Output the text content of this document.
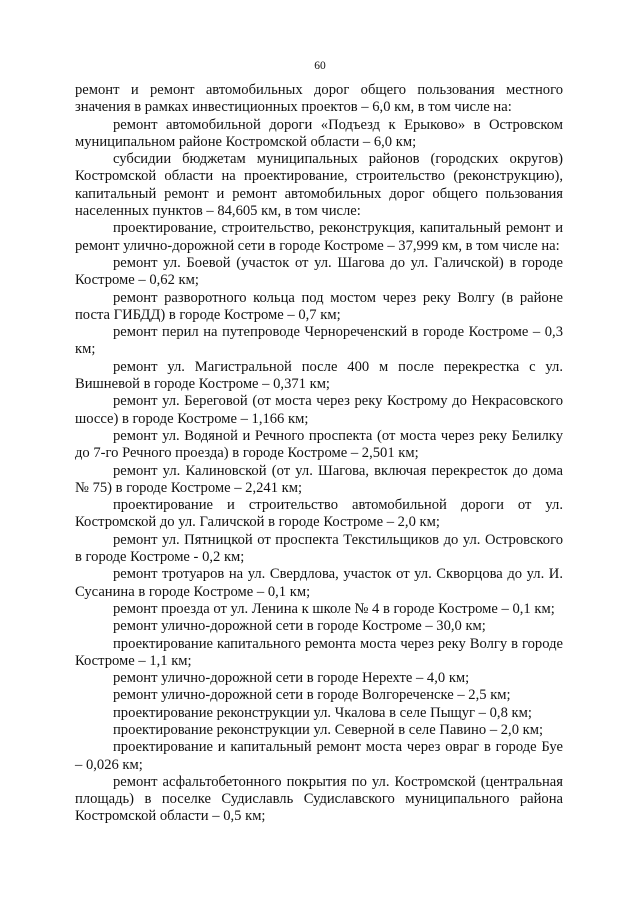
60

ремонт и ремонт автомобильных дорог общего пользования местного значения в рамках инвестиционных проектов – 6,0 км, в том числе на:

ремонт автомобильной дороги «Подъезд к Ерыково» в Островском муниципальном районе Костромской области – 6,0 км;

субсидии бюджетам муниципальных районов (городских округов) Костромской области на проектирование, строительство (реконструкцию), капитальный ремонт и ремонт автомобильных дорог общего пользования населенных пунктов – 84,605 км, в том числе:

проектирование, строительство, реконструкция, капитальный ремонт и ремонт улично-дорожной сети в городе Костроме – 37,999 км, в том числе на:

ремонт ул. Боевой (участок от ул. Шагова до ул. Галичской) в городе Костроме – 0,62 км;

ремонт разворотного кольца под мостом через реку Волгу (в районе поста ГИБДД) в городе Костроме – 0,7 км;

ремонт перил на путепроводе Чернореченский в городе Костроме – 0,3 км;

ремонт ул. Магистральной после 400 м после перекрестка с ул. Вишневой в городе Костроме – 0,371 км;

ремонт ул. Береговой (от моста через реку Кострому до Некрасовского шоссе) в городе Костроме – 1,166 км;

ремонт ул. Водяной и Речного проспекта (от моста через реку Белилку до 7-го Речного проезда) в городе Костроме – 2,501 км;

ремонт ул. Калиновской (от ул. Шагова, включая перекресток до дома № 75) в городе Костроме – 2,241 км;

проектирование и строительство автомобильной дороги от ул. Костромской до ул. Галичской в городе Костроме – 2,0 км;

ремонт ул. Пятницкой от проспекта Текстильщиков до ул. Островского в городе Костроме - 0,2 км;

ремонт тротуаров на ул. Свердлова, участок от ул. Скворцова до ул. И. Сусанина в городе Костроме – 0,1 км;

ремонт проезда от ул. Ленина к школе № 4 в городе Костроме – 0,1 км;

ремонт улично-дорожной сети в городе Костроме – 30,0 км;

проектирование капитального ремонта моста через реку Волгу в городе Костроме – 1,1 км;

ремонт улично-дорожной сети в городе Нерехте – 4,0 км;

ремонт улично-дорожной сети в городе Волгореченске – 2,5 км;

проектирование реконструкции ул. Чкалова в селе Пыщуг – 0,8 км;

проектирование реконструкции ул. Северной в селе Павино – 2,0 км;

проектирование и капитальный ремонт моста через овраг в городе Буе – 0,026 км;

ремонт асфальтобетонного покрытия по ул. Костромской (центральная площадь) в поселке Судиславль Судиславского муниципального района Костромской области – 0,5 км;
